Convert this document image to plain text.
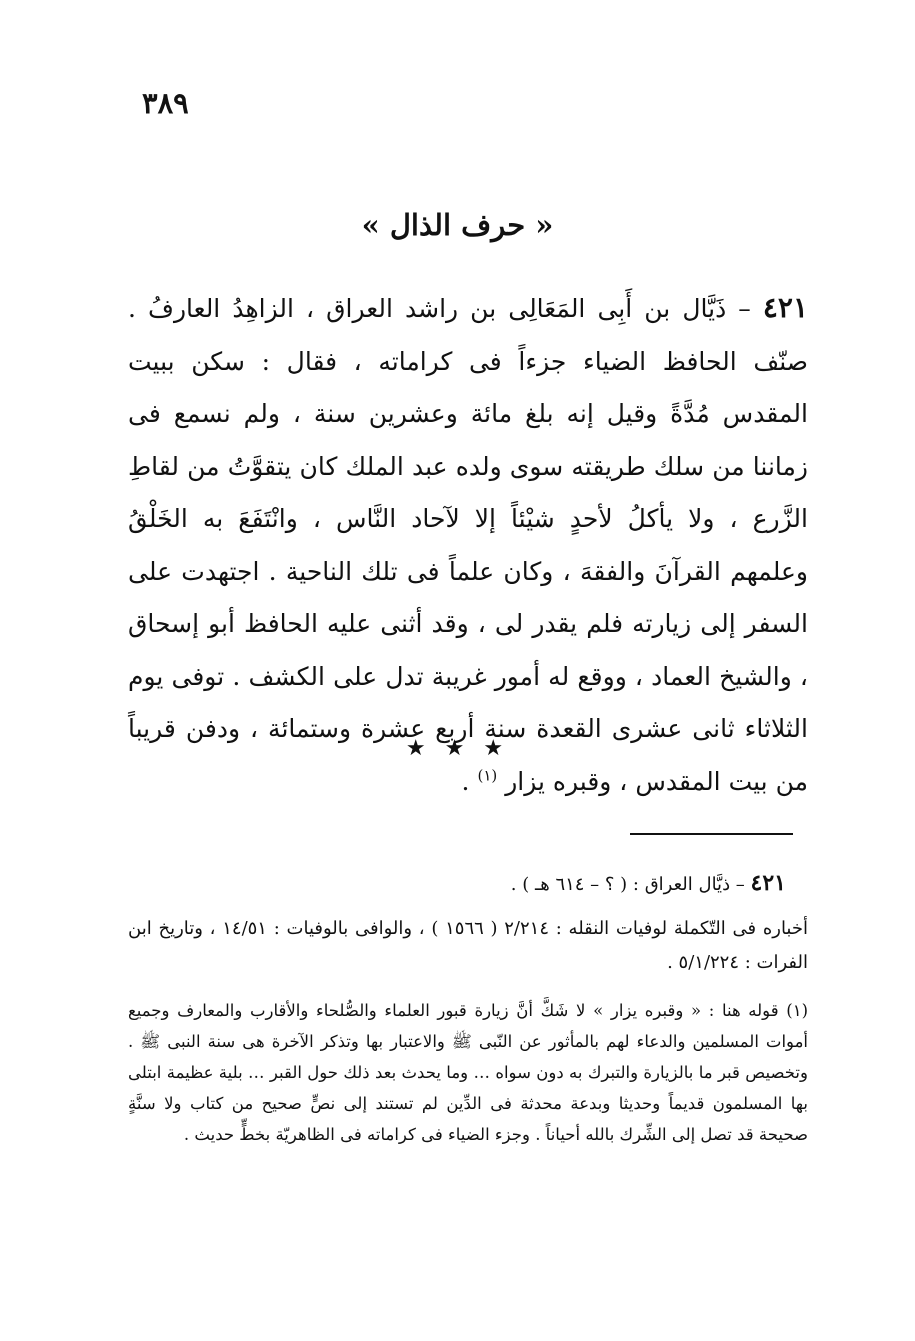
٣٨٩
« حرف الذال »
٤٢١ – ذَيَّال بن أَبِى المَعَالِى بن راشد العراق ، الزاهِدُ العارفُ . صنّف الحافظ الضياء جزءاً فى كراماته ، فقال : سكن ببيت المقدس مُدَّةً وقيل إنه بلغ مائة وعشرين سنة ، ولم نسمع فى زماننا من سلك طريقته سوى ولده عبد الملك كان يتقوَّتُ من لقاطِ الزَّرع ، ولا يأكلُ لأحدٍ شيْئاً إلا لآحاد النَّاس ، وانْتَفَعَ به الخَلْقُ وعلمهم القرآنَ والفقهَ ، وكان علماً فى تلك الناحية . اجتهدت على السفر إلى زيارته فلم يقدر لى ، وقد أثنى عليه الحافظ أبو إسحاق ، والشيخ العماد ، ووقع له أمور غريبة تدل على الكشف . توفى يوم الثلاثاء ثانى عشرى القعدة سنة أربع عشرة وستمائة ، ودفن قريباً من بيت المقدس ، وقبره يزار $^{(١)}$ .
★ ★ ★
٤٢١ – ذيَّال العراق : ( ؟ – ٦١٤ هـ ) .
أخباره فى التّكملة لوفيات النقله : ٢/٢١٤ ( ١٥٦٦ ) ، والوافى بالوفيات : ١٤/٥١ ، وتاريخ ابن الفرات : ٥/١/٢٢٤ .
(١) قوله هنا : « وقبره يزار » لا شَكَّ أنَّ زيارة قبور العلماء والصُّلحاء والأقارب والمعارف وجميع أموات المسلمين والدعاء لهم بالمأثور عن النّبى ﷺ والاعتبار بها وتذكر الآخرة هى سنة النبى ﷺ . وتخصيص قبر ما بالزيارة والتبرك به دون سواه … وما يحدث بعد ذلك حول القبر … بلية عظيمة ابتلى بها المسلمون قديماً وحديثا وبدعة محدثة فى الدِّين لم تستند إلى نصٍّ صحيح من كتاب ولا سنَّةٍ صحيحة قد تصل إلى الشِّرك بالله أحياناً . وجزء الضياء فى كراماته فى الظاهريّة بخطٍّ حديث .
